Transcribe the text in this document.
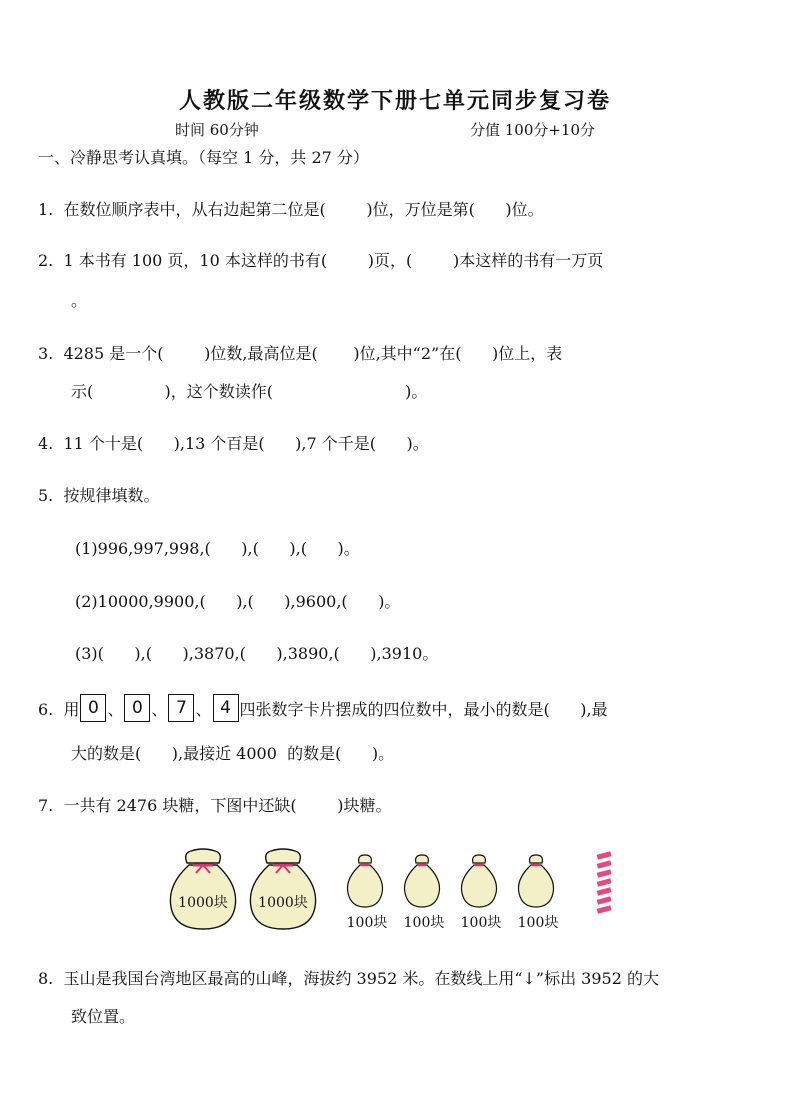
人教版二年级数学下册七单元同步复习卷
时间 60分钟	分值 100分+10分
一、冷静思考认真填。（每空 1 分，共 27 分）
1.  在数位顺序表中，从右边起第二位是(        )位，万位是第(      )位。
2.  1 本书有 100 页，10 本这样的书有(        )页，(        )本这样的书有一万页
。
3.  4285 是一个(        )位数,最高位是(       )位,其中“2”在(      )位上，表
示(              )，这个数读作(                          )。
4.  11 个十是(      ),13 个百是(      ),7 个千是(      )。
5.  按规律填数。
(1)996,997,998,(      ),(      ),(      )。
(2)10000,9900,(      ),(      ),9600,(      )。
(3)(      ),(      ),3870,(      ),3890,(      ),3910。
6.  用 0 、 0 、 7 、 4 四张数字卡片摆成的四位数中，最小的数是(      ),最
大的数是(      ),最接近 4000  的数是(      )。
7.  一共有 2476 块糖，下图中还缺(        )块糖。
1000块 1000块
100块 100块 100块 100块
8.  玉山是我国台湾地区最高的山峰，海拔约 3952 米。在数线上用“↓”标出 3952 的大
致位置。
